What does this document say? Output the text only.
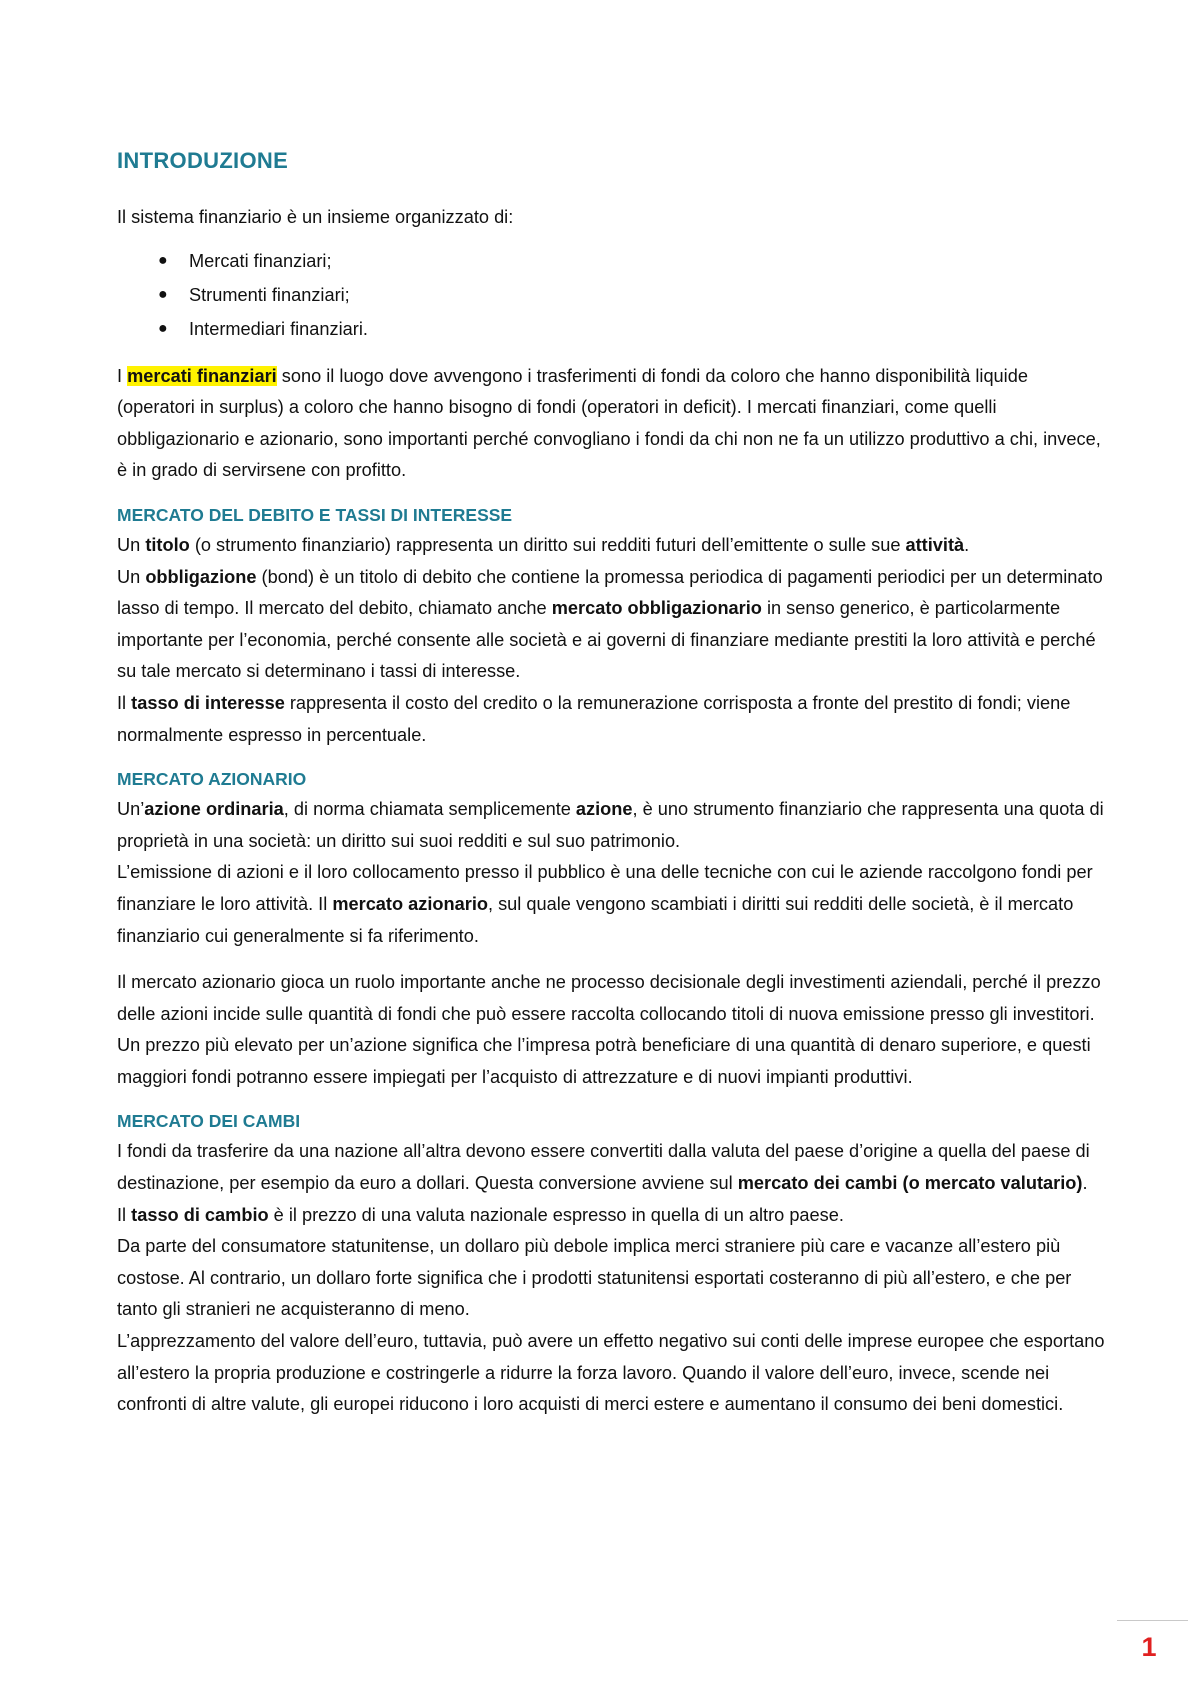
INTRODUZIONE

Il sistema finanziario è un insieme organizzato di:

● Mercati finanziari;
● Strumenti finanziari;
● Intermediari finanziari.

I mercati finanziari sono il luogo dove avvengono i trasferimenti di fondi da coloro che hanno disponibilità liquide (operatori in surplus) a coloro che hanno bisogno di fondi (operatori in deficit). I mercati finanziari, come quelli obbligazionario e azionario, sono importanti perché convogliano i fondi da chi non ne fa un utilizzo produttivo a chi, invece, è in grado di servirsene con profitto.

MERCATO DEL DEBITO E TASSI DI INTERESSE

Un titolo (o strumento finanziario) rappresenta un diritto sui redditi futuri dell’emittente o sulle sue attività.

Un obbligazione (bond) è un titolo di debito che contiene la promessa periodica di pagamenti periodici per un determinato lasso di tempo. Il mercato del debito, chiamato anche mercato obbligazionario in senso generico, è particolarmente importante per l’economia, perché consente alle società e ai governi di finanziare mediante prestiti la loro attività e perché su tale mercato si determinano i tassi di interesse.

Il tasso di interesse rappresenta il costo del credito o la remunerazione corrisposta a fronte del prestito di fondi; viene normalmente espresso in percentuale.

MERCATO AZIONARIO

Un’azione ordinaria, di norma chiamata semplicemente azione, è uno strumento finanziario che rappresenta una quota di proprietà in una società: un diritto sui suoi redditi e sul suo patrimonio.

L’emissione di azioni e il loro collocamento presso il pubblico è una delle tecniche con cui le aziende raccolgono fondi per finanziare le loro attività. Il mercato azionario, sul quale vengono scambiati i diritti sui redditi delle società, è il mercato finanziario cui generalmente si fa riferimento.

Il mercato azionario gioca un ruolo importante anche ne processo decisionale degli investimenti aziendali, perché il prezzo delle azioni incide sulle quantità di fondi che può essere raccolta collocando titoli di nuova emissione presso gli investitori. Un prezzo più elevato per un’azione significa che l’impresa potrà beneficiare di una quantità di denaro superiore, e questi maggiori fondi potranno essere impiegati per l’acquisto di attrezzature e di nuovi impianti produttivi.

MERCATO DEI CAMBI

I fondi da trasferire da una nazione all’altra devono essere convertiti dalla valuta del paese d’origine a quella del paese di destinazione, per esempio da euro a dollari. Questa conversione avviene sul mercato dei cambi (o mercato valutario).

Il tasso di cambio è il prezzo di una valuta nazionale espresso in quella di un altro paese.

Da parte del consumatore statunitense, un dollaro più debole implica merci straniere più care e vacanze all’estero più costose. Al contrario, un dollaro forte significa che i prodotti statunitensi esportati costeranno di più all’estero, e che per tanto gli stranieri ne acquisteranno di meno.

L’apprezzamento del valore dell’euro, tuttavia, può avere un effetto negativo sui conti delle imprese europee che esportano all’estero la propria produzione e costringerle a ridurre la forza lavoro. Quando il valore dell’euro, invece, scende nei confronti di altre valute, gli europei riducono i loro acquisti di merci estere e aumentano il consumo dei beni domestici.

1
